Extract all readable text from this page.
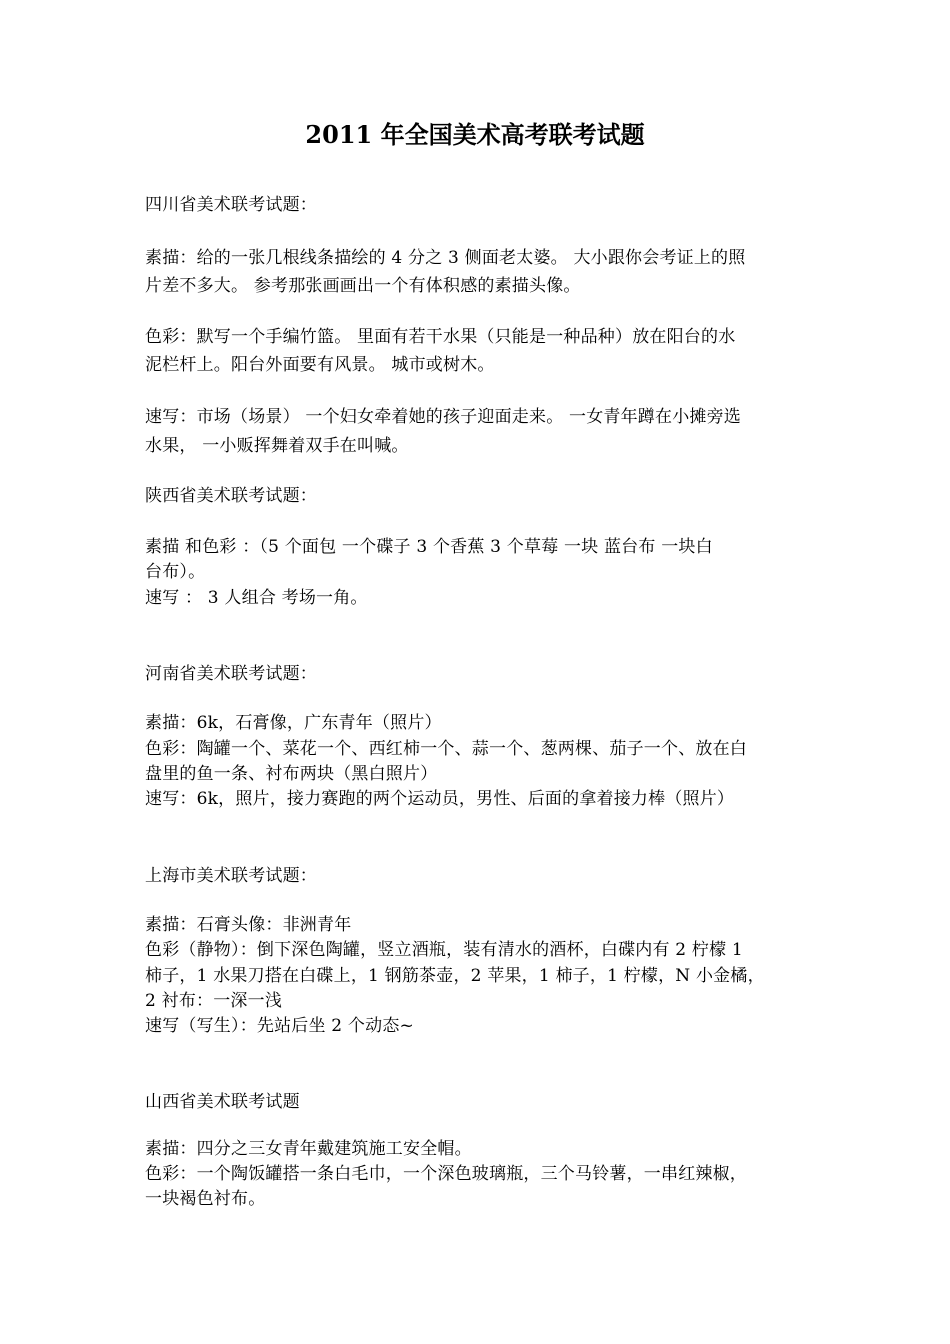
2011 年全国美术高考联考试题
四川省美术联考试题：
素描：给的一张几根线条描绘的 4 分之 3 侧面老太婆。 大小跟你会考证上的照
片差不多大。 参考那张画画出一个有体积感的素描头像。
色彩：默写一个手编竹篮。 里面有若干水果（只能是一种品种）放在阳台的水
泥栏杆上。阳台外面要有风景。 城市或树木。
速写：市场（场景） 一个妇女牵着她的孩子迎面走来。 一女青年蹲在小摊旁选
水果， 一小贩挥舞着双手在叫喊。
陕西省美术联考试题：
素描 和色彩 ：（5 个面包 一个碟子 3 个香蕉 3 个草莓 一块 蓝台布 一块白
台布）。
速写 ： 3 人组合 考场一角。
河南省美术联考试题：
素描：6k，石膏像，广东青年（照片）
色彩：陶罐一个、菜花一个、西红柿一个、蒜一个、葱两棵、茄子一个、放在白
盘里的鱼一条、衬布两块（黑白照片）
速写：6k，照片，接力赛跑的两个运动员，男性、后面的拿着接力棒（照片）
上海市美术联考试题：
素描：石膏头像：非洲青年
色彩（静物）：倒下深色陶罐，竖立酒瓶，装有清水的酒杯，白碟内有 2 柠檬 1
柿子，1 水果刀搭在白碟上，1 钢筋茶壶，2 苹果，1 柿子，1 柠檬，N 小金橘，
2 衬布：一深一浅
速写（写生）：先站后坐 2 个动态~
山西省美术联考试题
素描：四分之三女青年戴建筑施工安全帽。
色彩：一个陶饭罐搭一条白毛巾，一个深色玻璃瓶，三个马铃薯，一串红辣椒，
一块褐色衬布。
